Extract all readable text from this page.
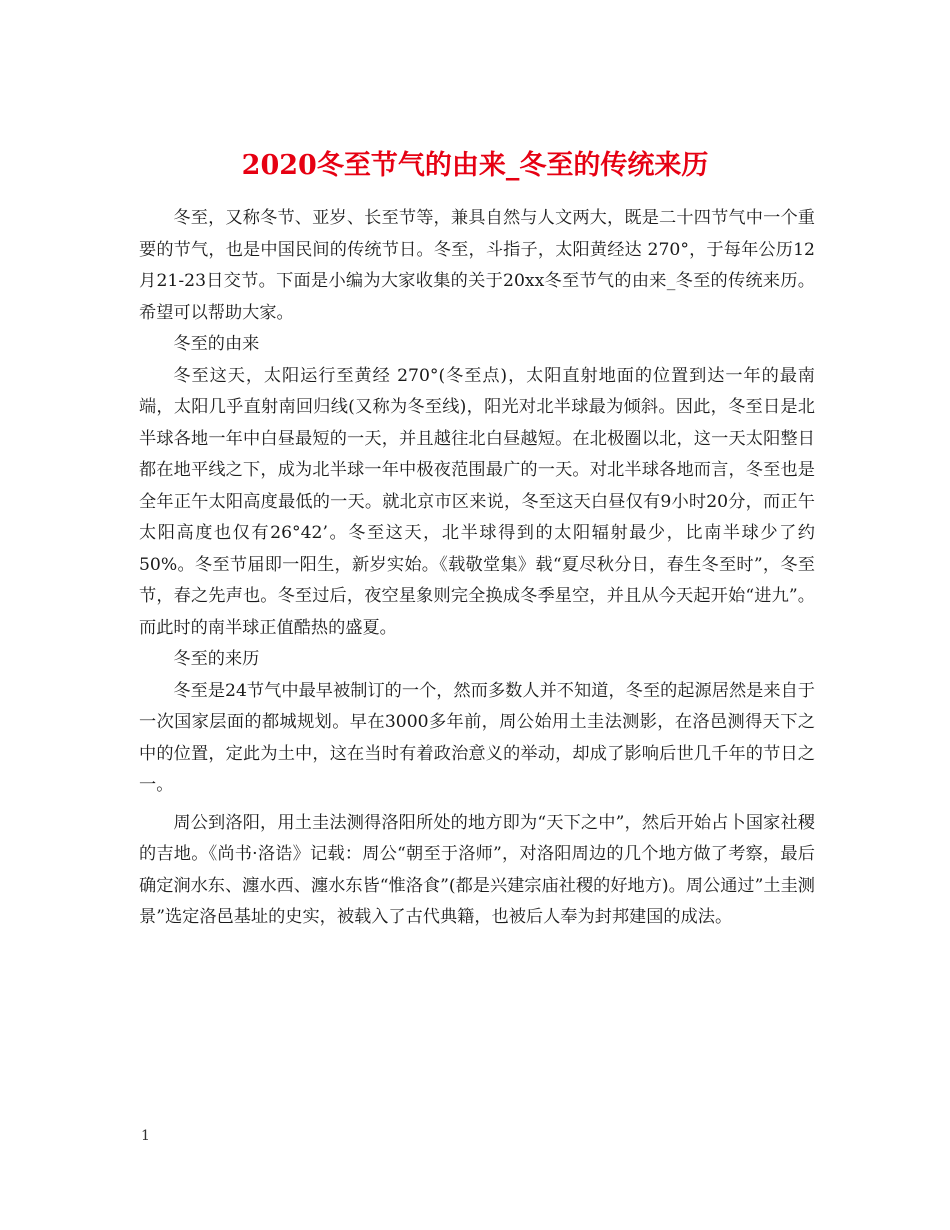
2020冬至节气的由来_冬至的传统来历

冬至，又称冬节、亚岁、长至节等，兼具自然与人文两大，既是二十四节气中一个重要的节气，也是中国民间的传统节日。冬至，斗指子，太阳黄经达 270°，于每年公历12月21-23日交节。下面是小编为大家收集的关于20xx冬至节气的由来_冬至的传统来历。希望可以帮助大家。

冬至的由来

冬至这天，太阳运行至黄经 270°(冬至点)，太阳直射地面的位置到达一年的最南端，太阳几乎直射南回归线(又称为冬至线)，阳光对北半球最为倾斜。因此，冬至日是北半球各地一年中白昼最短的一天，并且越往北白昼越短。在北极圈以北，这一天太阳整日都在地平线之下，成为北半球一年中极夜范围最广的一天。对北半球各地而言，冬至也是全年正午太阳高度最低的一天。就北京市区来说，冬至这天白昼仅有9小时20分，而正午太阳高度也仅有26°42’。冬至这天，北半球得到的太阳辐射最少，比南半球少了约50%。冬至节届即一阳生，新岁实始。《载敬堂集》载“夏尽秋分日，春生冬至时”，冬至节，春之先声也。冬至过后，夜空星象则完全换成冬季星空，并且从今天起开始“进九”。而此时的南半球正值酷热的盛夏。

冬至的来历

冬至是24节气中最早被制订的一个，然而多数人并不知道，冬至的起源居然是来自于一次国家层面的都城规划。早在3000多年前，周公始用土圭法测影，在洛邑测得天下之中的位置，定此为土中，这在当时有着政治意义的举动，却成了影响后世几千年的节日之一。

周公到洛阳，用土圭法测得洛阳所处的地方即为“天下之中”，然后开始占卜国家社稷的吉地。《尚书·洛诰》记载：周公“朝至于洛师”，对洛阳周边的几个地方做了考察，最后确定涧水东、瀍水西、瀍水东皆“惟洛食”(都是兴建宗庙社稷的好地方)。周公通过”土圭测景”选定洛邑基址的史实，被载入了古代典籍，也被后人奉为封邦建国的成法。

1
